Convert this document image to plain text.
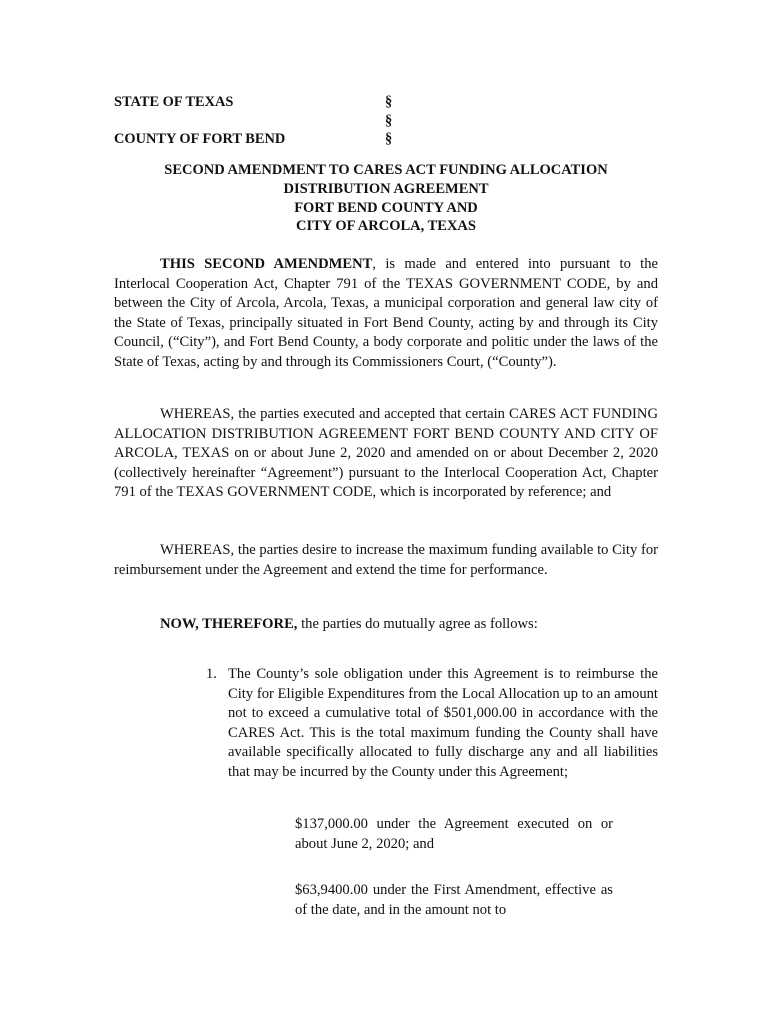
STATE OF TEXAS	§
§
COUNTY OF FORT BEND	§
SECOND AMENDMENT TO CARES ACT FUNDING ALLOCATION
DISTRIBUTION AGREEMENT
FORT BEND COUNTY AND
CITY OF ARCOLA, TEXAS
THIS SECOND AMENDMENT, is made and entered into pursuant to the Interlocal Cooperation Act, Chapter 791 of the TEXAS GOVERNMENT CODE, by and between the City of Arcola, Arcola, Texas, a municipal corporation and general law city of the State of Texas, principally situated in Fort Bend County, acting by and through its City Council, (“City”), and Fort Bend County, a body corporate and politic under the laws of the State of Texas, acting by and through its Commissioners Court, (“County”).
WHEREAS, the parties executed and accepted that certain CARES ACT FUNDING ALLOCATION DISTRIBUTION AGREEMENT FORT BEND COUNTY AND CITY OF ARCOLA, TEXAS on or about June 2, 2020 and amended on or about December 2, 2020 (collectively hereinafter “Agreement”) pursuant to the Interlocal Cooperation Act, Chapter 791 of the TEXAS GOVERNMENT CODE, which is incorporated by reference; and
WHEREAS, the parties desire to increase the maximum funding available to City for reimbursement under the Agreement and extend the time for performance.
NOW, THEREFORE, the parties do mutually agree as follows:
1. The County’s sole obligation under this Agreement is to reimburse the City for Eligible Expenditures from the Local Allocation up to an amount not to exceed a cumulative total of $501,000.00 in accordance with the CARES Act. This is the total maximum funding the County shall have available specifically allocated to fully discharge any and all liabilities that may be incurred by the County under this Agreement;
$137,000.00 under the Agreement executed on or about June 2, 2020; and
$63,9400.00 under the First Amendment, effective as of the date, and in the amount not to
